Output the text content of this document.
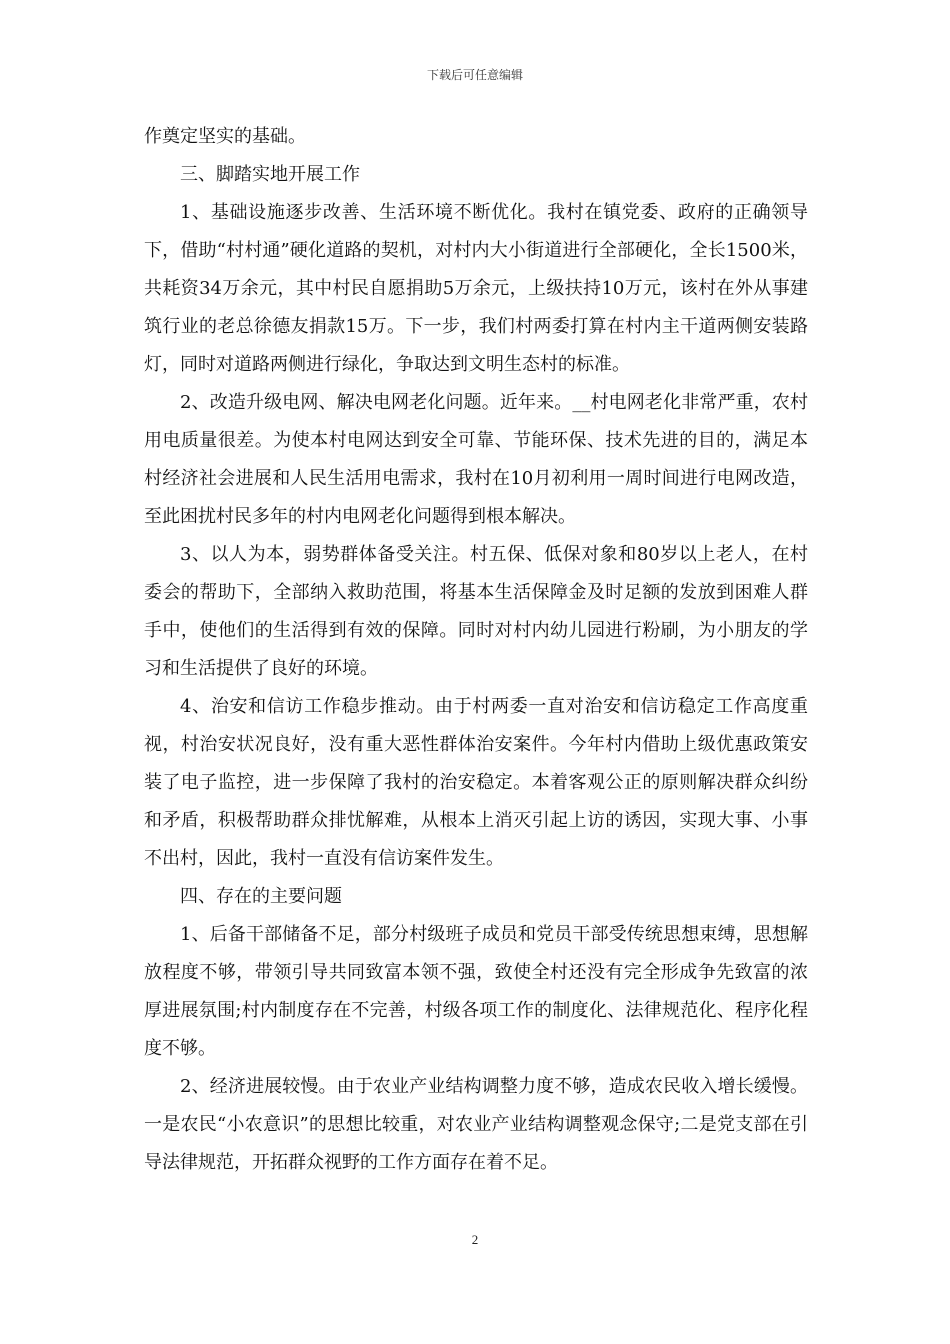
下载后可任意编辑

作奠定坚实的基础。

三、脚踏实地开展工作

1、基础设施逐步改善、生活环境不断优化。我村在镇党委、政府的正确领导下，借助“村村通”硬化道路的契机，对村内大小街道进行全部硬化，全长1500米，共耗资34万余元，其中村民自愿捐助5万余元，上级扶持10万元，该村在外从事建筑行业的老总徐德友捐款15万。下一步，我们村两委打算在村内主干道两侧安装路灯，同时对道路两侧进行绿化，争取达到文明生态村的标准。

2、改造升级电网、解决电网老化问题。近年来。__村电网老化非常严重，农村用电质量很差。为使本村电网达到安全可靠、节能环保、技术先进的目的，满足本村经济社会进展和人民生活用电需求，我村在10月初利用一周时间进行电网改造，至此困扰村民多年的村内电网老化问题得到根本解决。

3、以人为本，弱势群体备受关注。村五保、低保对象和80岁以上老人，在村委会的帮助下，全部纳入救助范围，将基本生活保障金及时足额的发放到困难人群手中，使他们的生活得到有效的保障。同时对村内幼儿园进行粉刷，为小朋友的学习和生活提供了良好的环境。

4、治安和信访工作稳步推动。由于村两委一直对治安和信访稳定工作高度重视，村治安状况良好，没有重大恶性群体治安案件。今年村内借助上级优惠政策安装了电子监控，进一步保障了我村的治安稳定。本着客观公正的原则解决群众纠纷和矛盾，积极帮助群众排忧解难，从根本上消灭引起上访的诱因，实现大事、小事不出村，因此，我村一直没有信访案件发生。

四、存在的主要问题

1、后备干部储备不足，部分村级班子成员和党员干部受传统思想束缚，思想解放程度不够，带领引导共同致富本领不强，致使全村还没有完全形成争先致富的浓厚进展氛围;村内制度存在不完善，村级各项工作的制度化、法律规范化、程序化程度不够。

2、经济进展较慢。由于农业产业结构调整力度不够，造成农民收入增长缓慢。一是农民“小农意识”的思想比较重，对农业产业结构调整观念保守;二是党支部在引导法律规范，开拓群众视野的工作方面存在着不足。

2
